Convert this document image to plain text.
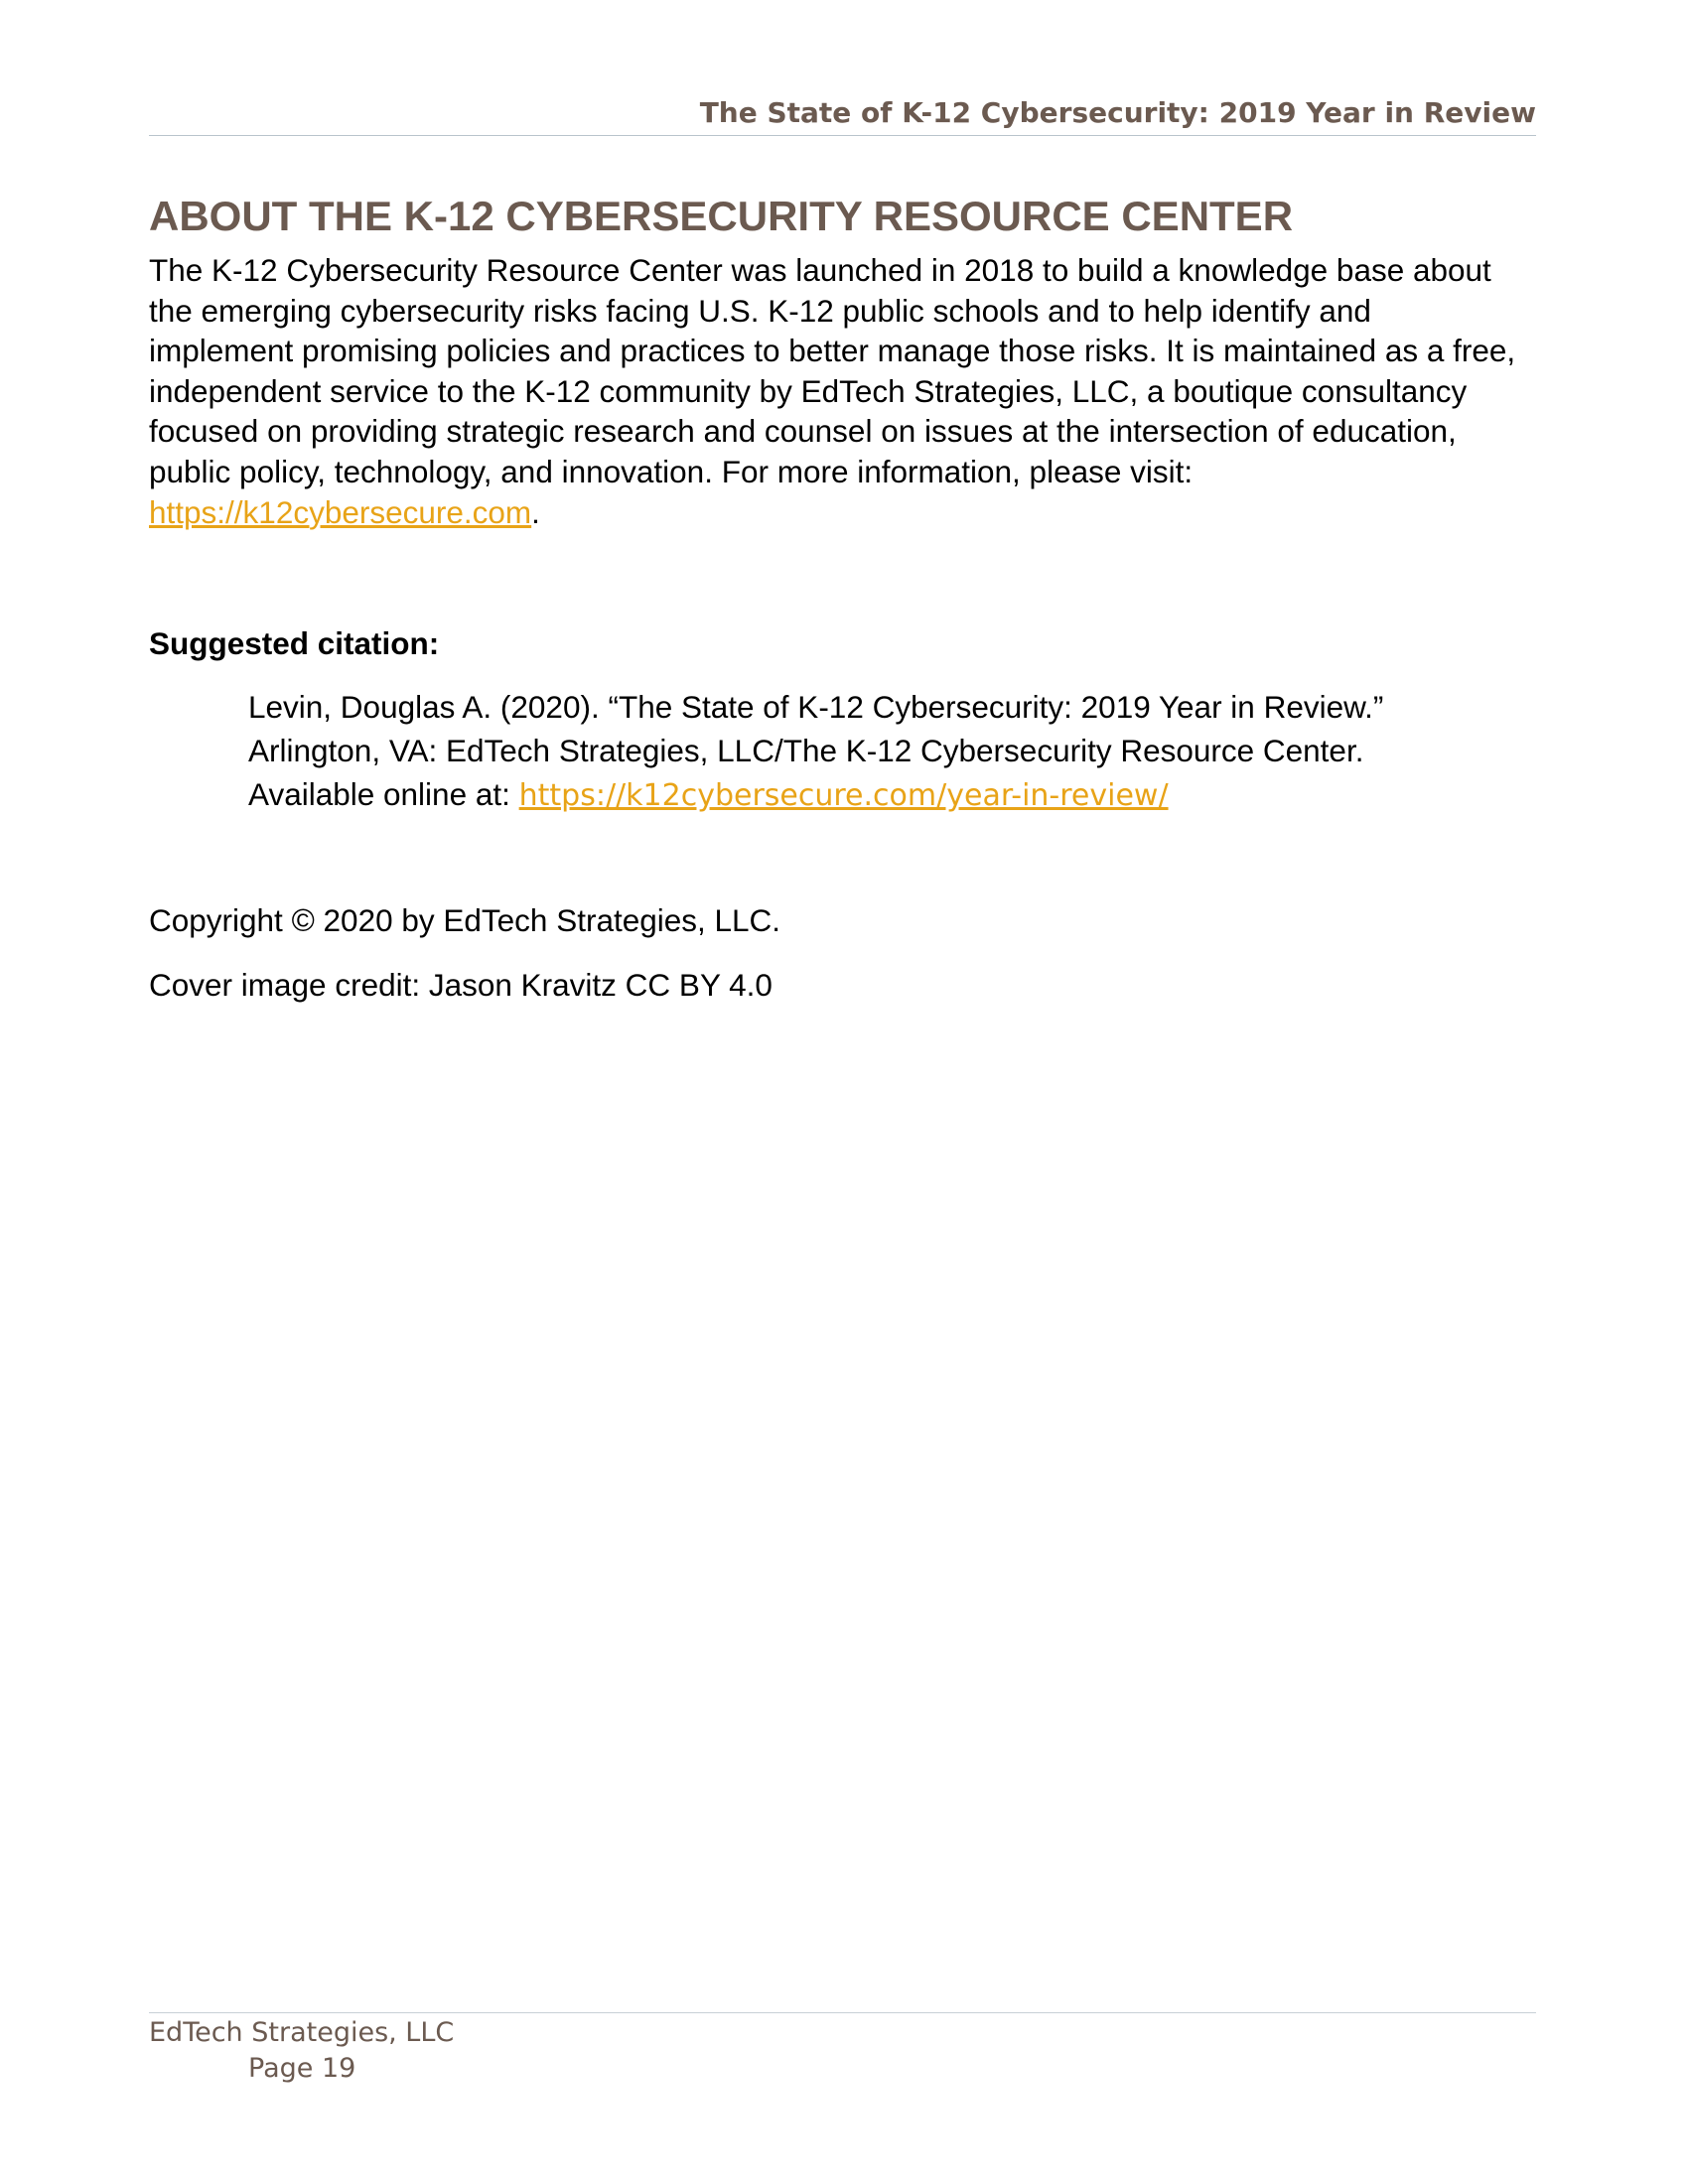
The State of K-12 Cybersecurity: 2019 Year in Review
ABOUT THE K-12 CYBERSECURITY RESOURCE CENTER

The K-12 Cybersecurity Resource Center was launched in 2018 to build a knowledge base about
the emerging cybersecurity risks facing U.S. K-12 public schools and to help identify and
implement promising policies and practices to better manage those risks. It is maintained as a free,
independent service to the K-12 community by EdTech Strategies, LLC, a boutique consultancy
focused on providing strategic research and counsel on issues at the intersection of education,
public policy, technology, and innovation. For more information, please visit:
https://k12cybersecure.com.

Suggested citation:

Levin, Douglas A. (2020). “The State of K-12 Cybersecurity: 2019 Year in Review.”
Arlington, VA: EdTech Strategies, LLC/The K-12 Cybersecurity Resource Center.
Available online at: https://k12cybersecure.com/year-in-review/

Copyright © 2020 by EdTech Strategies, LLC.

Cover image credit: Jason Kravitz CC BY 4.0

EdTech Strategies, LLC
Page 19
